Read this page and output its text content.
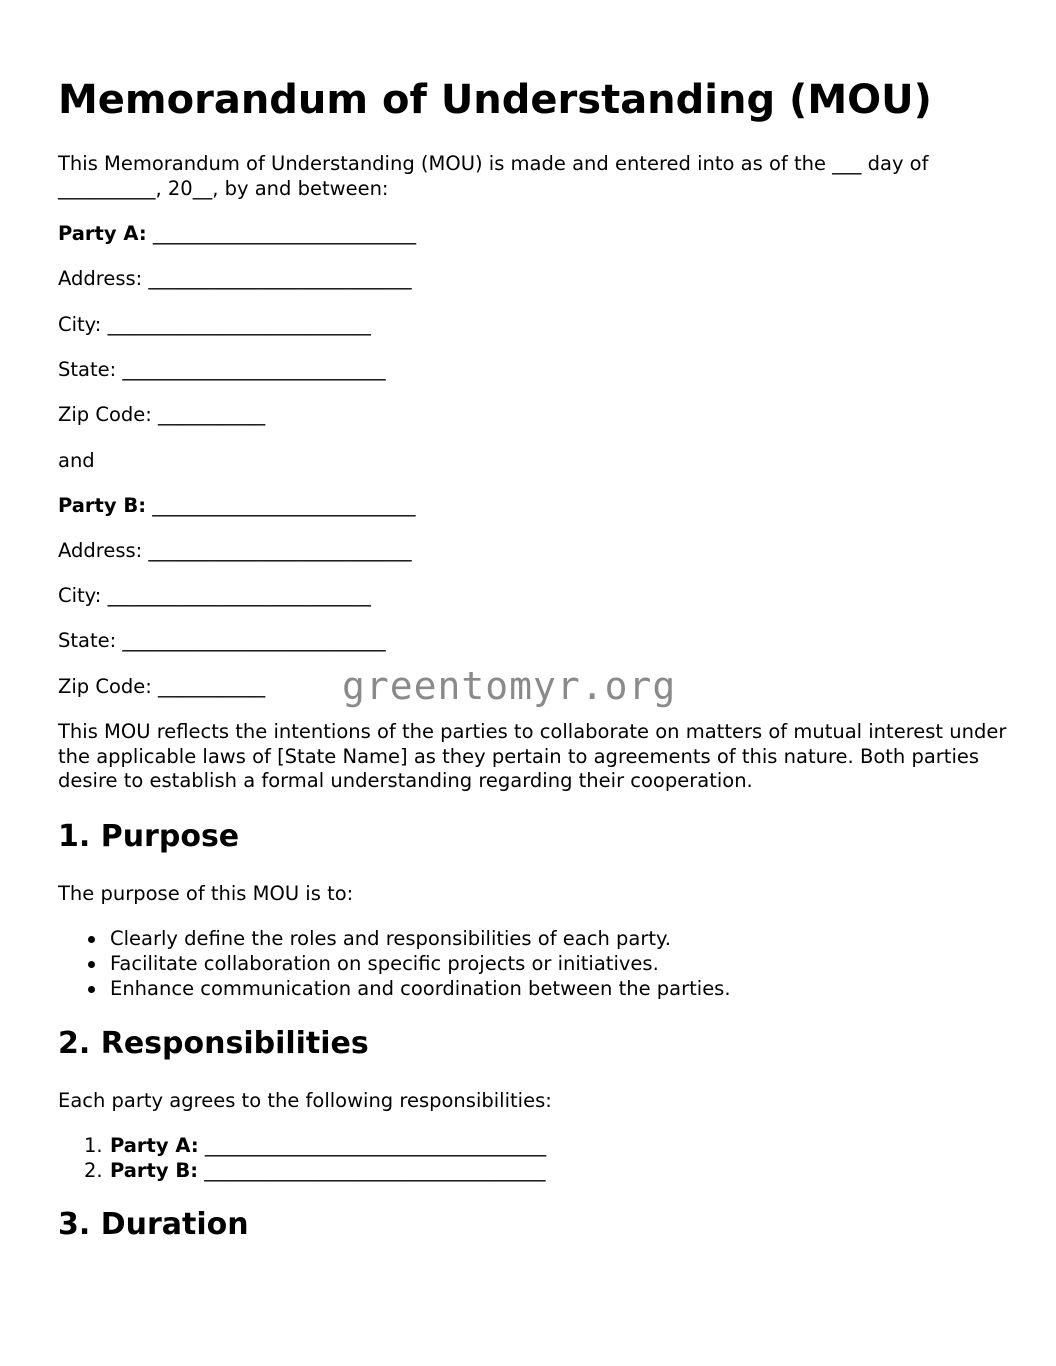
Memorandum of Understanding (MOU)

This Memorandum of Understanding (MOU) is made and entered into as of the ___ day of __________, 20__, by and between:

Party A: ___________________________

Address: ___________________________

City: ___________________________

State: ___________________________

Zip Code: ___________

and

Party B: ___________________________

Address: ___________________________

City: ___________________________

State: ___________________________

Zip Code: ___________

This MOU reflects the intentions of the parties to collaborate on matters of mutual interest under the applicable laws of [State Name] as they pertain to agreements of this nature. Both parties desire to establish a formal understanding regarding their cooperation.

1. Purpose

The purpose of this MOU is to:

Clearly define the roles and responsibilities of each party.
Facilitate collaboration on specific projects or initiatives.
Enhance communication and coordination between the parties.
2. Responsibilities

Each party agrees to the following responsibilities:

1. Party A: ___________________________________
2. Party B: ___________________________________
3. Duration
greentomyr.org
